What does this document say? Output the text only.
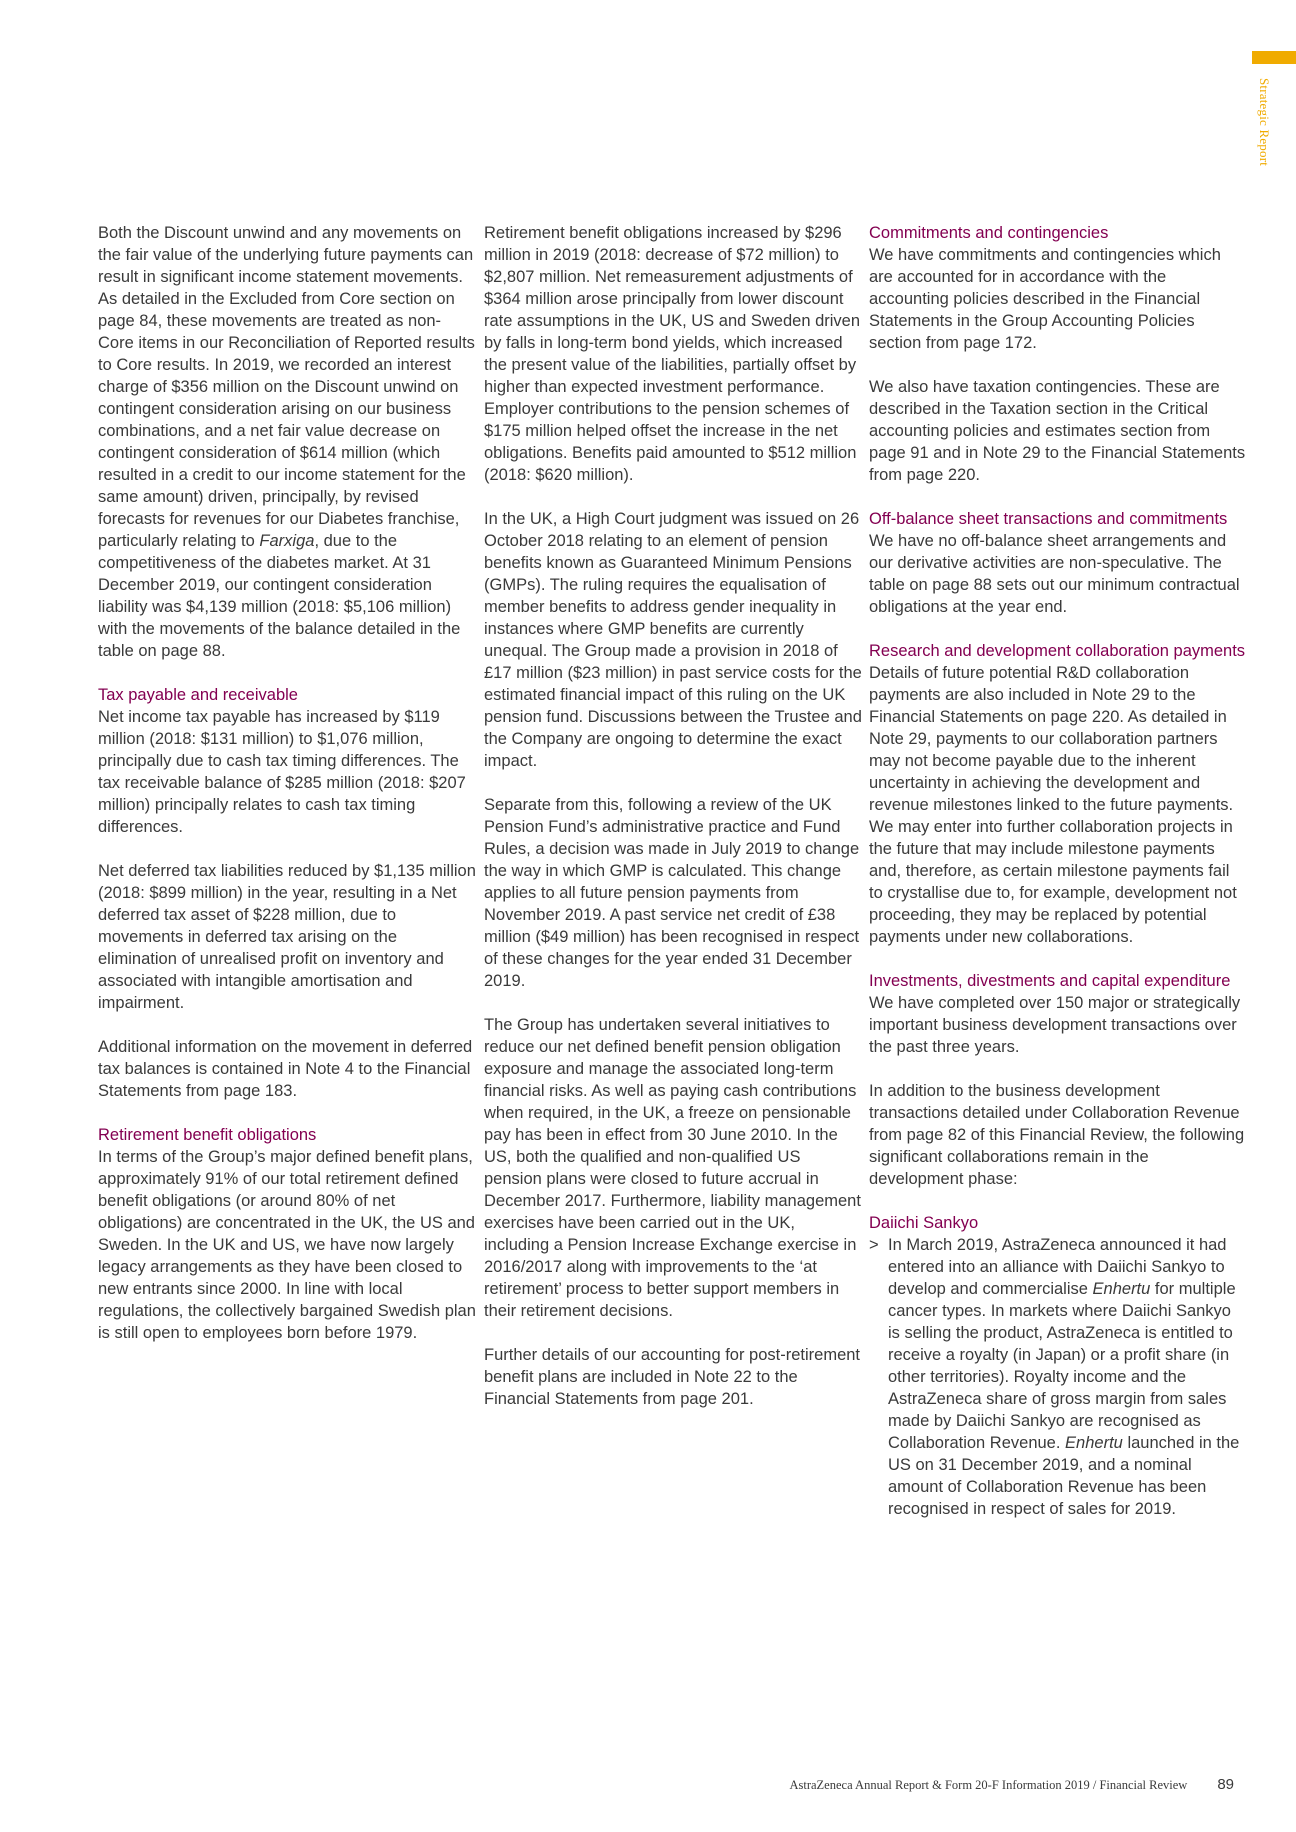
Strategic Report

Both the Discount unwind and any movements on the fair value of the underlying future payments can result in significant income statement movements. As detailed in the Excluded from Core section on page 84, these movements are treated as non-Core items in our Reconciliation of Reported results to Core results. In 2019, we recorded an interest charge of $356 million on the Discount unwind on contingent consideration arising on our business combinations, and a net fair value decrease on contingent consideration of $614 million (which resulted in a credit to our income statement for the same amount) driven, principally, by revised forecasts for revenues for our Diabetes franchise, particularly relating to Farxiga, due to the competitiveness of the diabetes market. At 31 December 2019, our contingent consideration liability was $4,139 million (2018: $5,106 million) with the movements of the balance detailed in the table on page 88.

Tax payable and receivable

Net income tax payable has increased by $119 million (2018: $131 million) to $1,076 million, principally due to cash tax timing differences. The tax receivable balance of $285 million (2018: $207 million) principally relates to cash tax timing differences.

Net deferred tax liabilities reduced by $1,135 million (2018: $899 million) in the year, resulting in a Net deferred tax asset of $228 million, due to movements in deferred tax arising on the elimination of unrealised profit on inventory and associated with intangible amortisation and impairment.

Additional information on the movement in deferred tax balances is contained in Note 4 to the Financial Statements from page 183.

Retirement benefit obligations

In terms of the Group’s major defined benefit plans, approximately 91% of our total retirement defined benefit obligations (or around 80% of net obligations) are concentrated in the UK, the US and Sweden. In the UK and US, we have now largely legacy arrangements as they have been closed to new entrants since 2000. In line with local regulations, the collectively bargained Swedish plan is still open to employees born before 1979.

Retirement benefit obligations increased by $296 million in 2019 (2018: decrease of $72 million) to $2,807 million. Net remeasurement adjustments of $364 million arose principally from lower discount rate assumptions in the UK, US and Sweden driven by falls in long-term bond yields, which increased the present value of the liabilities, partially offset by higher than expected investment performance. Employer contributions to the pension schemes of $175 million helped offset the increase in the net obligations. Benefits paid amounted to $512 million (2018: $620 million).

In the UK, a High Court judgment was issued on 26 October 2018 relating to an element of pension benefits known as Guaranteed Minimum Pensions (GMPs). The ruling requires the equalisation of member benefits to address gender inequality in instances where GMP benefits are currently unequal. The Group made a provision in 2018 of £17 million ($23 million) in past service costs for the estimated financial impact of this ruling on the UK pension fund. Discussions between the Trustee and the Company are ongoing to determine the exact impact.

Separate from this, following a review of the UK Pension Fund’s administrative practice and Fund Rules, a decision was made in July 2019 to change the way in which GMP is calculated. This change applies to all future pension payments from November 2019. A past service net credit of £38 million ($49 million) has been recognised in respect of these changes for the year ended 31 December 2019.

The Group has undertaken several initiatives to reduce our net defined benefit pension obligation exposure and manage the associated long-term financial risks. As well as paying cash contributions when required, in the UK, a freeze on pensionable pay has been in effect from 30 June 2010. In the US, both the qualified and non-qualified US pension plans were closed to future accrual in December 2017. Furthermore, liability management exercises have been carried out in the UK, including a Pension Increase Exchange exercise in 2016/2017 along with improvements to the ‘at retirement’ process to better support members in their retirement decisions.

Further details of our accounting for post-retirement benefit plans are included in Note 22 to the Financial Statements from page 201.

Commitments and contingencies

We have commitments and contingencies which are accounted for in accordance with the accounting policies described in the Financial Statements in the Group Accounting Policies section from page 172.

We also have taxation contingencies. These are described in the Taxation section in the Critical accounting policies and estimates section from page 91 and in Note 29 to the Financial Statements from page 220.

Off-balance sheet transactions and commitments

We have no off-balance sheet arrangements and our derivative activities are non-speculative. The table on page 88 sets out our minimum contractual obligations at the year end.

Research and development collaboration payments

Details of future potential R&D collaboration payments are also included in Note 29 to the Financial Statements on page 220. As detailed in Note 29, payments to our collaboration partners may not become payable due to the inherent uncertainty in achieving the development and revenue milestones linked to the future payments. We may enter into further collaboration projects in the future that may include milestone payments and, therefore, as certain milestone payments fail to crystallise due to, for example, development not proceeding, they may be replaced by potential payments under new collaborations.

Investments, divestments and capital expenditure

We have completed over 150 major or strategically important business development transactions over the past three years.

In addition to the business development transactions detailed under Collaboration Revenue from page 82 of this Financial Review, the following significant collaborations remain in the development phase:

Daiichi Sankyo
> In March 2019, AstraZeneca announced it had entered into an alliance with Daiichi Sankyo to develop and commercialise Enhertu for multiple cancer types. In markets where Daiichi Sankyo is selling the product, AstraZeneca is entitled to receive a royalty (in Japan) or a profit share (in other territories). Royalty income and the AstraZeneca share of gross margin from sales made by Daiichi Sankyo are recognised as Collaboration Revenue. Enhertu launched in the US on 31 December 2019, and a nominal amount of Collaboration Revenue has been recognised in respect of sales for 2019.
AstraZeneca Annual Report & Form 20-F Information 2019 / Financial Review 89
